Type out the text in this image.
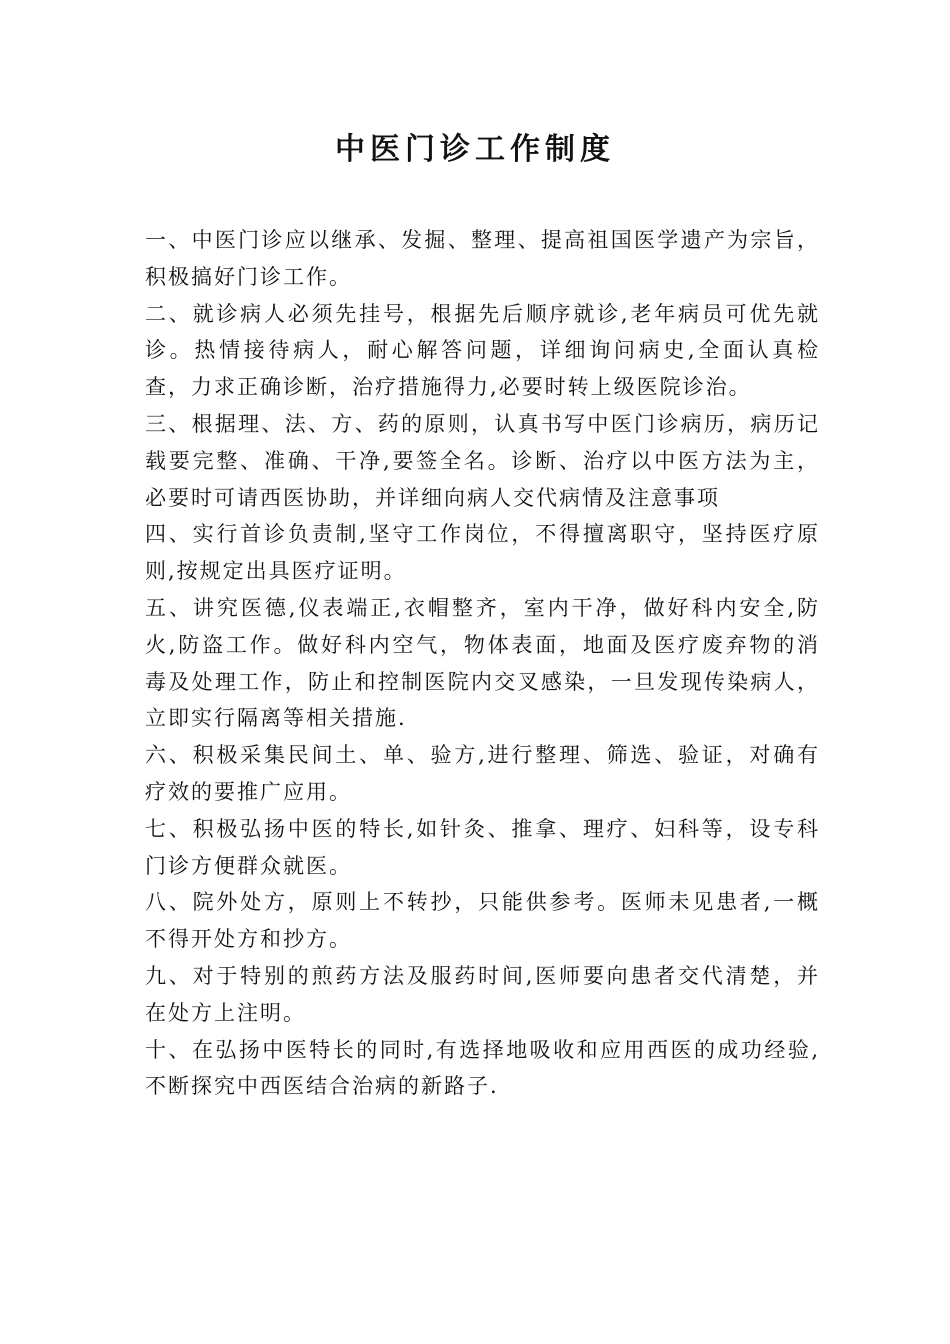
中医门诊工作制度

一、中医门诊应以继承、发掘、整理、提高祖国医学遗产为宗旨，积极搞好门诊工作。

二、就诊病人必须先挂号，根据先后顺序就诊,老年病员可优先就诊。热情接待病人，耐心解答问题，详细询问病史,全面认真检查，力求正确诊断，治疗措施得力,必要时转上级医院诊治。

三、根据理、法、方、药的原则，认真书写中医门诊病历，病历记载要完整、准确、干净,要签全名。诊断、治疗以中医方法为主，必要时可请西医协助，并详细向病人交代病情及注意事项

四、实行首诊负责制,坚守工作岗位，不得擅离职守，坚持医疗原则,按规定出具医疗证明。

五、讲究医德,仪表端正,衣帽整齐，室内干净，做好科内安全,防火,防盗工作。做好科内空气，物体表面，地面及医疗废弃物的消毒及处理工作，防止和控制医院内交叉感染，一旦发现传染病人，立即实行隔离等相关措施.

六、积极采集民间土、单、验方,进行整理、筛选、验证，对确有疗效的要推广应用。

七、积极弘扬中医的特长,如针灸、推拿、理疗、妇科等，设专科门诊方便群众就医。

八、院外处方，原则上不转抄，只能供参考。医师未见患者,一概不得开处方和抄方。

九、对于特别的煎药方法及服药时间,医师要向患者交代清楚，并在处方上注明。

十、在弘扬中医特长的同时,有选择地吸收和应用西医的成功经验,不断探究中西医结合治病的新路子.
